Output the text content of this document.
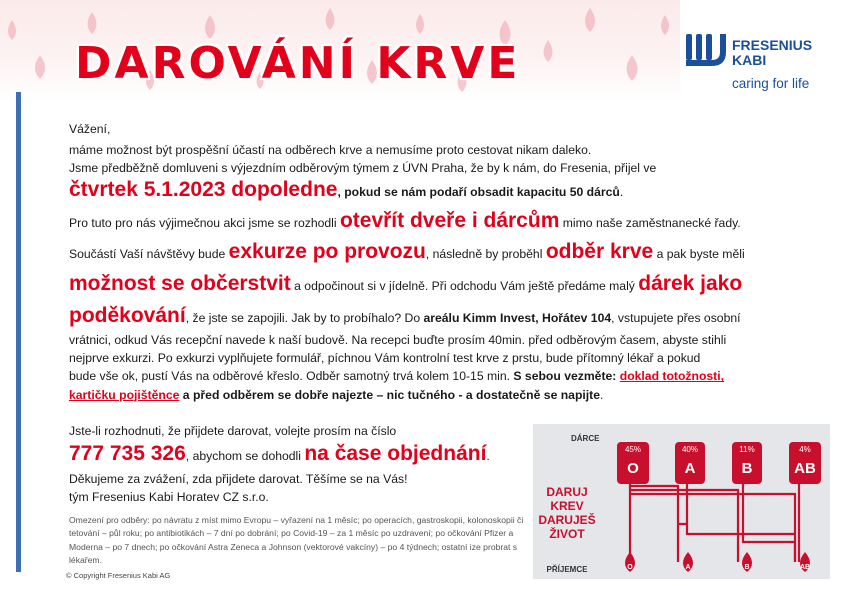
DAROVÁNÍ KRVE	FRESENIUS
KABI
caring for life

Vážení,

máme možnost být prospěšní účastí na odběrech krve a nemusíme proto cestovat nikam daleko.

Jsme předběžně domluveni s výjezdním odběrovým týmem z ÚVN Praha, že by k nám, do Fresenia, přijel ve

čtvrtek 5.1.2023 dopoledne, pokud se nám podaří obsadit kapacitu 50 dárců.

Pro tuto pro nás výjimečnou akci jsme se rozhodli otevřít dveře i dárcům mimo naše zaměstnanecké řady.

Součástí Vaší návštěvy bude exkurze po provozu, následně by proběhl odběr krve a pak byste měli

možnost se občerstvit a odpočinout si v jídelně. Při odchodu Vám ještě předáme malý dárek jako

poděkování, že jste se zapojili. Jak by to probíhalo? Do areálu Kimm Invest, Hořátev 104, vstupujete přes osobní

vrátnici, odkud Vás recepční navede k naší budově. Na recepci buďte prosím 40min. před odběrovým časem, abyste stihli

nejprve exkurzi. Po exkurzi vyplňujete formulář, píchnou Vám kontrolní test krve z prstu, bude přítomný lékař a pokud

bude vše ok, pustí Vás na odběrové křeslo. Odběr samotný trvá kolem 10-15 min. S sebou vezměte: doklad totožnosti,

kartičku pojištěnce a před odběrem se dobře najezte – nic tučného - a dostatečně se napijte.

Jste-li rozhodnuti, že přijdete darovat, volejte prosím na číslo

777 735 326, abychom se dohodli na čase objednání.

Děkujeme za zvážení, zda přijdete darovat. Těšíme se na Vás!

tým Fresenius Kabi Horatev CZ s.r.o.

Omezení pro odběry: po návratu z míst mimo Evropu – vyřazení na 1 měsíc; po operacích, gastroskopii, kolonoskopii či tetování – půl roku; po antibiotikách – 7 dní po dobrání; po Covid-19 – za 1 měsíc po uzdravení; po očkování Pfizer a Moderna – po 7 dnech; po očkování Astra Zeneca a Johnson (vektorové vakcíny) – po 4 týdnech; ostatní ize probrat s lékařem.
© Copyright Fresenius Kabi AG
DÁRCE
45%
O
40%
A
11%
B
4%
AB
DARUJ
KREV
DARUJEŠ
ŽIVOT
PŘÍJEMCE	O	A	B	AB
